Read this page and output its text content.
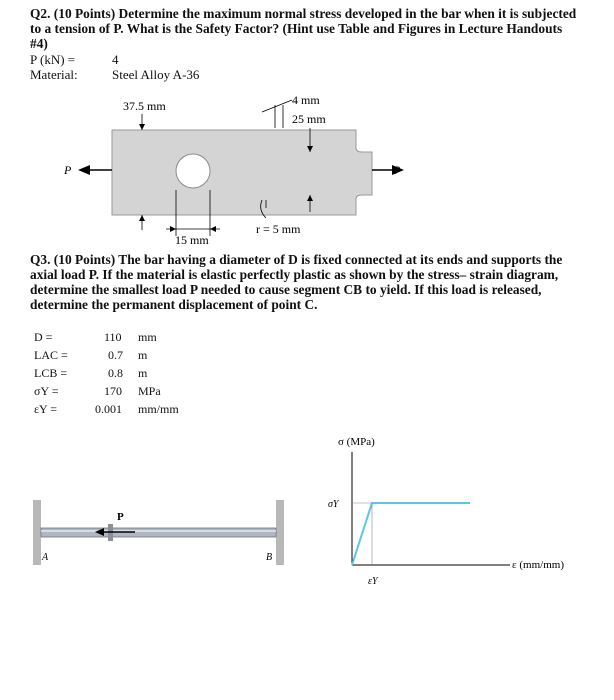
Q2. (10 Points) Determine the maximum normal stress developed in the bar when it is subjected
to a tension of P. What is the Safety Factor? (Hint use Table and Figures in Lecture Handouts
#4)
P (kN) =	4
Material:	Steel Alloy A-36
P	P
37.5 mm	4 mm
25 mm
15 mm
r = 5 mm
Q3. (10 Points) The bar having a diameter of D is fixed connected at its ends and supports the
axial load P. If the material is elastic perfectly plastic as shown by the stress– strain diagram,
determine the smallest load P needed to cause segment CB to yield. If this load is released,
determine the permanent displacement of point C.
D =	110 mm
LAC =	0.7 m
LCB =	0.8 m
σY =	170 MPa
εY =	0.001 mm/mm
P
A	B
σ (MPa)
σY
εY
ε (mm/mm)
